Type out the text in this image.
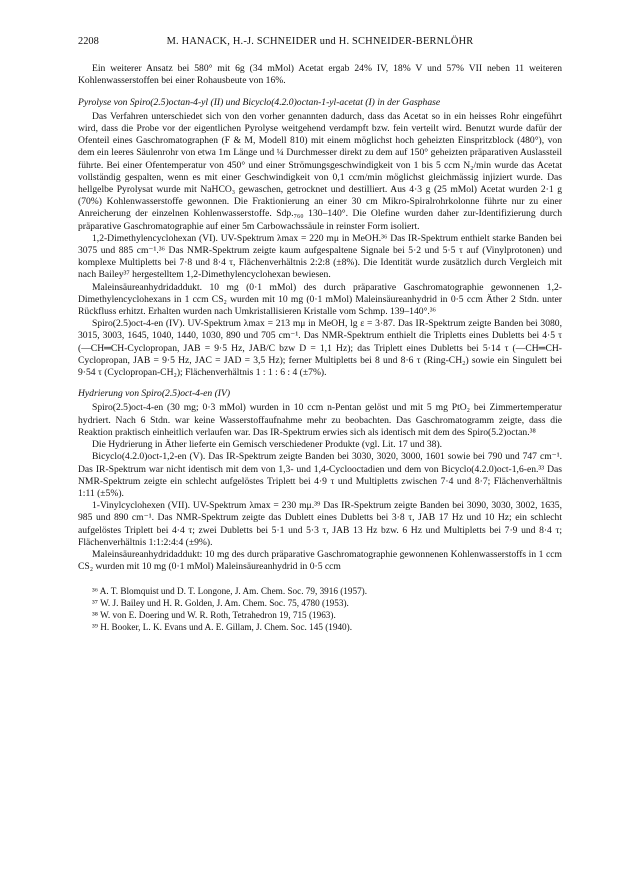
2208	M. HANACK, H.-J. SCHNEIDER und H. SCHNEIDER-BERNLÖHR

Ein weiterer Ansatz bei 580° mit 6g (34 mMol) Acetat ergab 24% IV, 18% V und 57% VII neben 11 weiteren Kohlenwasserstoffen bei einer Rohausbeute von 16%.

Pyrolyse von Spiro(2.5)octan-4-yl (II) und Bicyclo(4.2.0)octan-1-yl-acetat (I) in der Gasphase

Das Verfahren unterschiedet sich von den vorher genannten dadurch, dass das Acetat so in ein heisses Rohr eingeführt wird, dass die Probe vor der eigentlichen Pyrolyse weitgehend verdampft bzw. fein verteilt wird. Benutzt wurde dafür der Ofenteil eines Gaschromatographen (F & M, Modell 810) mit einem möglichst hoch geheizten Einspritzblock (480°), von dem ein leeres Säulenrohr von etwa 1m Länge und ¼ Durchmesser direkt zu dem auf 150° geheizten präparativen Auslassteil führte. Bei einer Ofentemperatur von 450° und einer Strömungsgeschwindigkeit von 1 bis 5 ccm N₂/min wurde das Acetat vollständig gespalten, wenn es mit einer Geschwindigkeit von 0,1 ccm/min möglichst gleichmässig injiziert wurde. Das hellgelbe Pyrolysat wurde mit NaHCO₃ gewaschen, getrocknet und destilliert. Aus 4·3 g (25 mMol) Acetat wurden 2·1 g (70%) Kohlenwasserstoffe gewonnen. Die Fraktionierung an einer 30 cm Mikro-Spiralrohrkolonne führte nur zu einer Anreicherung der einzelnen Kohlenwasserstoffe. Sdp.₇₆₀ 130–140°. Die Olefine wurden daher zur-Identifizierung durch präparative Gaschromatographie auf einer 5m Carbowachssäule in reinster Form isoliert.

1,2-Dimethylencyclohexan (VI). UV-Spektrum λmax = 220 mμ in MeOH.³⁶ Das IR-Spektrum enthielt starke Banden bei 3075 und 885 cm⁻¹.³⁶ Das NMR-Spektrum zeigte kaum aufgespaltene Signale bei 5·2 und 5·5 τ auf (Vinylprotonen) und komplexe Multipletts bei 7·8 und 8·4 τ, Flächenverhältnis 2:2:8 (±8%). Die Identität wurde zusätzlich durch Vergleich mit nach Bailey³⁷ hergestelltem 1,2-Dimethylencyclohexan bewiesen.

Maleinsäureanhydridaddukt. 10 mg (0·1 mMol) des durch präparative Gaschromatographie gewonnenen 1,2-Dimethylencyclohexans in 1 ccm CS₂ wurden mit 10 mg (0·1 mMol) Maleinsäureanhydrid in 0·5 ccm Äther 2 Stdn. unter Rückfluss erhitzt. Erhalten wurden nach Umkristallisieren Kristalle vom Schmp. 139–140°.³⁶

Spiro(2.5)oct-4-en (IV). UV-Spektrum λmax = 213 mμ in MeOH, lg ε = 3·87. Das IR-Spektrum zeigte Banden bei 3080, 3015, 3003, 1645, 1040, 1440, 1030, 890 und 705 cm⁻¹. Das NMR-Spektrum enthielt die Tripletts eines Dubletts bei 4·5 τ (—CH═CH-Cyclopropan, JAB = 9·5 Hz, JAB/C bzw D = 1,1 Hz); das Triplett eines Dubletts bei 5·14 τ (—CH═CH-Cyclopropan, JAB = 9·5 Hz, JAC = JAD = 3,5 Hz); ferner Multipletts bei 8 und 8·6 τ (Ring-CH₂) sowie ein Singulett bei 9·54 τ (Cyclopropan-CH₂); Flächenverhältnis 1 : 1 : 6 : 4 (±7%).

Hydrierung von Spiro(2.5)oct-4-en (IV)

Spiro(2.5)oct-4-en (30 mg; 0·3 mMol) wurden in 10 ccm n-Pentan gelöst und mit 5 mg PtO₂ bei Zimmertemperatur hydriert. Nach 6 Stdn. war keine Wasserstoffaufnahme mehr zu beobachten. Das Gaschromatogramm zeigte, dass die Reaktion praktisch einheitlich verlaufen war. Das IR-Spektrum erwies sich als identisch mit dem des Spiro(5.2)octan.³⁸

Die Hydrierung in Äther lieferte ein Gemisch verschiedener Produkte (vgl. Lit. 17 und 38).

Bicyclo(4.2.0)oct-1,2-en (V). Das IR-Spektrum zeigte Banden bei 3030, 3020, 3000, 1601 sowie bei 790 und 747 cm⁻¹. Das IR-Spektrum war nicht identisch mit dem von 1,3- und 1,4-Cyclooctadien und dem von Bicyclo(4.2.0)oct-1,6-en.³³ Das NMR-Spektrum zeigte ein schlecht aufgelöstes Triplett bei 4·9 τ und Multipletts zwischen 7·4 und 8·7; Flächenverhältnis 1:11 (±5%).

1-Vinylcyclohexen (VII). UV-Spektrum λmax = 230 mμ.³⁹ Das IR-Spektrum zeigte Banden bei 3090, 3030, 3002, 1635, 985 und 890 cm⁻¹. Das NMR-Spektrum zeigte das Dublett eines Dubletts bei 3·8 τ, JAB 17 Hz und 10 Hz; ein schlecht aufgelöstes Triplett bei 4·4 τ; zwei Dubletts bei 5·1 und 5·3 τ, JAB 13 Hz bzw. 6 Hz und Multipletts bei 7·9 und 8·4 τ; Flächenverhältnis 1:1:2:4:4 (±9%).

Maleinsäureanhydridaddukt: 10 mg des durch präparative Gaschromatographie gewonnenen Kohlenwasserstoffs in 1 ccm CS₂ wurden mit 10 mg (0·1 mMol) Maleinsäureanhydrid in 0·5 ccm

³⁶ A. T. Blomquist und D. T. Longone, J. Am. Chem. Soc. 79, 3916 (1957).

³⁷ W. J. Bailey und H. R. Golden, J. Am. Chem. Soc. 75, 4780 (1953).

³⁸ W. von E. Doering und W. R. Roth, Tetrahedron 19, 715 (1963).

³⁹ H. Booker, L. K. Evans und A. E. Gillam, J. Chem. Soc. 145 (1940).
